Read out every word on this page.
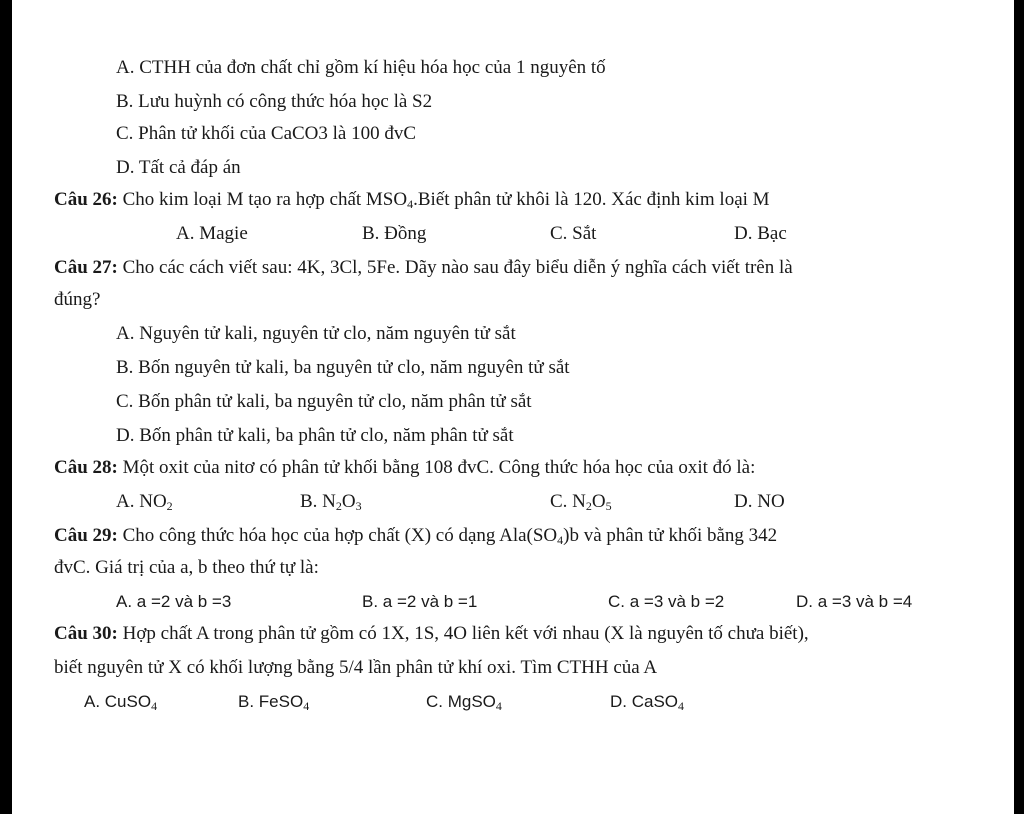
A. CTHH của đơn chất chỉ gồm kí hiệu hóa học của 1 nguyên tố
B. Lưu huỳnh có công thức hóa học là S2
C. Phân tử khối của CaCO3 là 100 đvC
D. Tất cả đáp án
Câu 26: Cho kim loại M tạo ra hợp chất $MSO_4.Biết$ phân tử khôi là 120. Xác định kim loại M
A. Magie	B. Đồng	C. Sắt	D. Bạc
Câu 27: Cho các cách viết sau: 4K, 3Cl, 5Fe. Dãy nào sau đây biểu diễn ý nghĩa cách viết trên là
đúng?
A. Nguyên tử kali, nguyên tử clo, năm nguyên tử sắt
B. Bốn nguyên tử kali, ba nguyên tử clo, năm nguyên tử sắt
C. Bốn phân tử kali, ba nguyên tử clo, năm phân tử sắt
D. Bốn phân tử kali, ba phân tử clo, năm phân tử sắt
Câu 28: Một oxit của nitơ có phân tử khối bằng 108 đvC. Công thức hóa học của oxit đó là:
A. $NO_2$	B. $N_2O_3$	C. $N_2O_5$	D. NO
Câu 29: Cho công thức hóa học của hợp chất (X) có dạng $Ala(SO_4)b$ và phân tử khối bằng 342
đvC. Giá trị của a, b theo thứ tự là:
A. a =2 và b =3	B. a =2 và b =1	C. a =3 và b =2	D. a =3 và b =4
Câu 30: Hợp chất A trong phân tử gồm có 1X, 1S, 4O liên kết với nhau (X là nguyên tố chưa biết),
biết nguyên tử X có khối lượng bằng 5/4 lần phân tử khí oxi. Tìm CTHH của A
A. CuSO$_4$	B. FeSO$_4$	C. MgSO$_4$	D. CaSO$_4$
